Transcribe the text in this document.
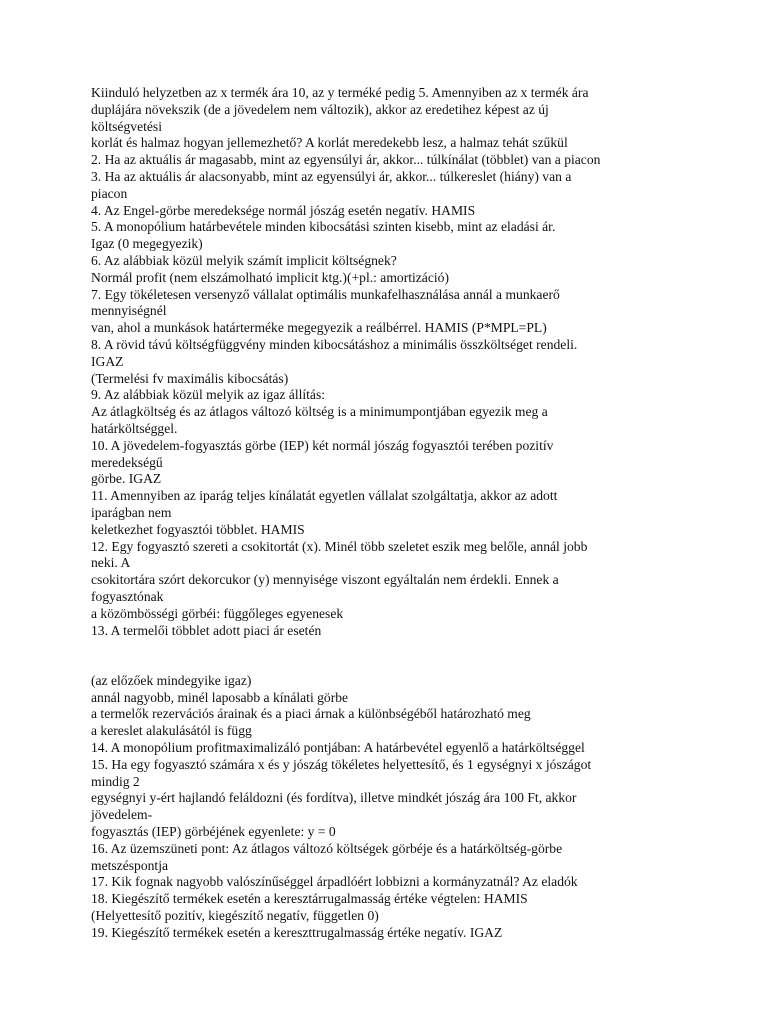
Kiinduló helyzetben az x termék ára 10, az y terméké pedig 5. Amennyiben az x termék ára
duplájára növekszik (de a jövedelem nem változik), akkor az eredetihez képest az új
költségvetési
korlát és halmaz hogyan jellemezhető? A korlát meredekebb lesz, a halmaz tehát szűkül
2. Ha az aktuális ár magasabb, mint az egyensúlyi ár, akkor... túlkínálat (többlet) van a piacon
3. Ha az aktuális ár alacsonyabb, mint az egyensúlyi ár, akkor... túlkereslet (hiány) van a
piacon
4. Az Engel-görbe meredeksége normál jószág esetén negatív. HAMIS
5. A monopólium határbevétele minden kibocsátási szinten kisebb, mint az eladási ár.
Igaz (0 megegyezik)
6. Az alábbiak közül melyik számít implicit költségnek?
Normál profit (nem elszámolható implicit ktg.)(+pl.: amortizáció)
7. Egy tökéletesen versenyző vállalat optimális munkafelhasználása annál a munkaerő
mennyiségnél
van, ahol a munkások határterméke megegyezik a reálbérrel. HAMIS (P*MPL=PL)
8. A rövid távú költségfüggvény minden kibocsátáshoz a minimális összköltséget rendeli.
IGAZ
(Termelési fv maximális kibocsátás)
9. Az alábbiak közül melyik az igaz állítás:
Az átlagköltség és az átlagos változó költség is a minimumpontjában egyezik meg a
határköltséggel.
10. A jövedelem-fogyasztás görbe (IEP) két normál jószág fogyasztói terében pozitív
meredekségű
görbe. IGAZ
11. Amennyiben az iparág teljes kínálatát egyetlen vállalat szolgáltatja, akkor az adott
iparágban nem
keletkezhet fogyasztói többlet. HAMIS
12. Egy fogyasztó szereti a csokitortát (x). Minél több szeletet eszik meg belőle, annál jobb
neki. A
csokitortára szórt dekorcukor (y) mennyisége viszont egyáltalán nem érdekli. Ennek a
fogyasztónak
a közömbösségi görbéi: függőleges egyenesek
13. A termelői többlet adott piaci ár esetén
(az előzőek mindegyike igaz)
annál nagyobb, minél laposabb a kínálati görbe
a termelők rezervációs árainak és a piaci árnak a különbségéből határozható meg
a kereslet alakulásától is függ
14. A monopólium profitmaximalizáló pontjában: A határbevétel egyenlő a határköltséggel
15. Ha egy fogyasztó számára x és y jószág tökéletes helyettesítő, és 1 egységnyi x jószágot
mindig 2
egységnyi y-ért hajlandó feláldozni (és fordítva), illetve mindkét jószág ára 100 Ft, akkor
jövedelem-
fogyasztás (IEP) görbéjének egyenlete: y = 0
16. Az üzemszüneti pont: Az átlagos változó költségek görbéje és a határköltség-görbe
metszéspontja
17. Kik fognak nagyobb valószínűséggel árpadlóért lobbizni a kormányzatnál? Az eladók
18. Kiegészítő termékek esetén a keresztárrugalmasság értéke végtelen: HAMIS
(Helyettesítő pozitív, kiegészítő negatív, független 0)
19. Kiegészítő termékek esetén a kereszttrugalmasság értéke negatív. IGAZ
